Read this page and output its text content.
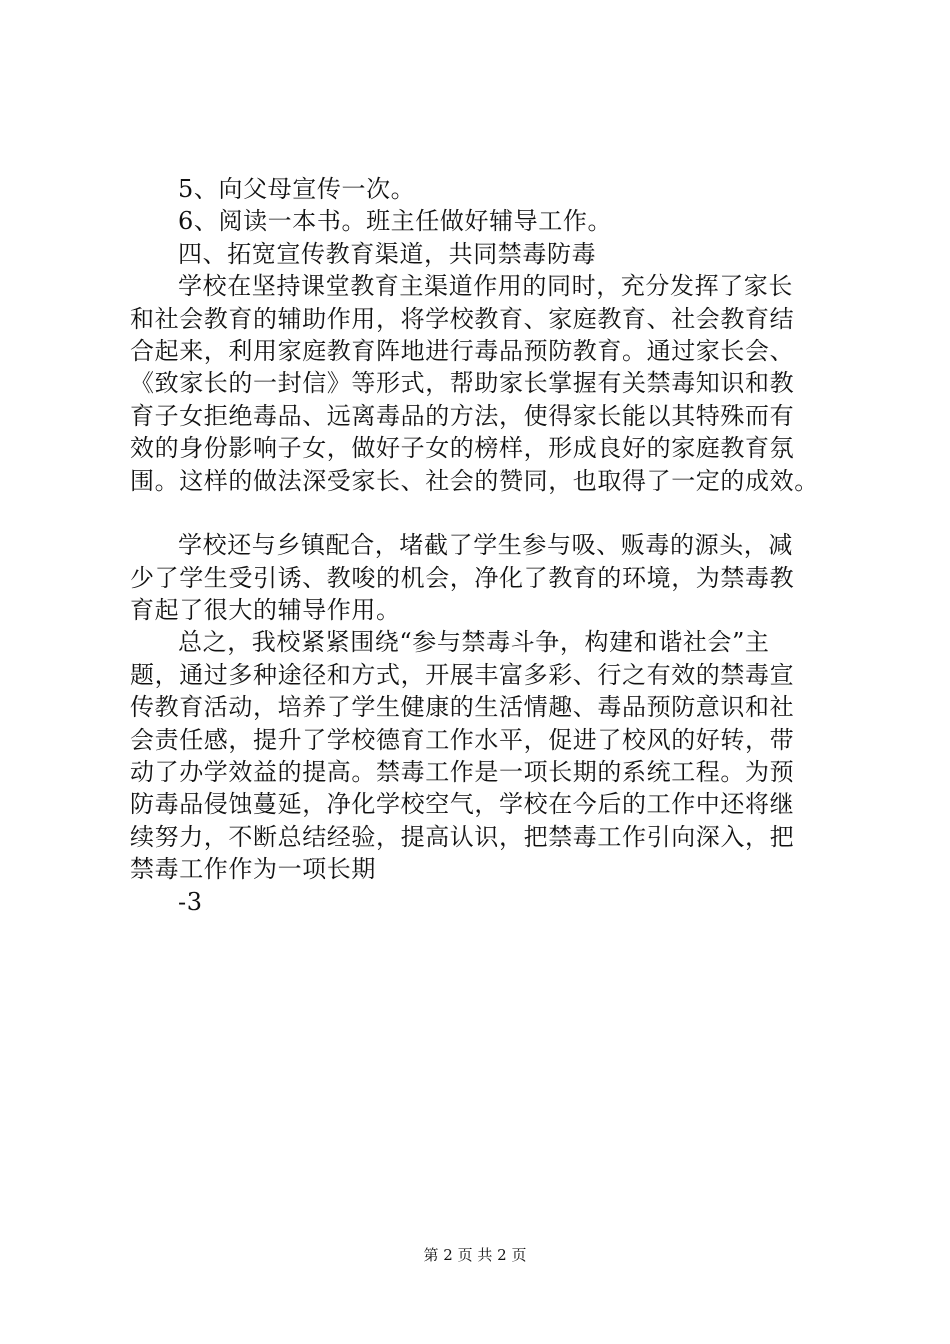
5、向父母宣传一次。
6、阅读一本书。班主任做好辅导工作。
四、拓宽宣传教育渠道，共同禁毒防毒
学校在坚持课堂教育主渠道作用的同时，充分发挥了家长
和社会教育的辅助作用，将学校教育、家庭教育、社会教育结
合起来，利用家庭教育阵地进行毒品预防教育。通过家长会、
《致家长的一封信》等形式，帮助家长掌握有关禁毒知识和教
育子女拒绝毒品、远离毒品的方法，使得家长能以其特殊而有
效的身份影响子女，做好子女的榜样，形成良好的家庭教育氛
围。这样的做法深受家长、社会的赞同，也取得了一定的成效。
学校还与乡镇配合，堵截了学生参与吸、贩毒的源头，减
少了学生受引诱、教唆的机会，净化了教育的环境，为禁毒教
育起了很大的辅导作用。
总之，我校紧紧围绕“参与禁毒斗争，构建和谐社会”主
题，通过多种途径和方式，开展丰富多彩、行之有效的禁毒宣
传教育活动，培养了学生健康的生活情趣、毒品预防意识和社
会责任感，提升了学校德育工作水平，促进了校风的好转，带
动了办学效益的提高。禁毒工作是一项长期的系统工程。为预
防毒品侵蚀蔓延，净化学校空气，学校在今后的工作中还将继
续努力，不断总结经验，提高认识，把禁毒工作引向深入，把
禁毒工作作为一项长期
-3
第 2 页 共 2 页
